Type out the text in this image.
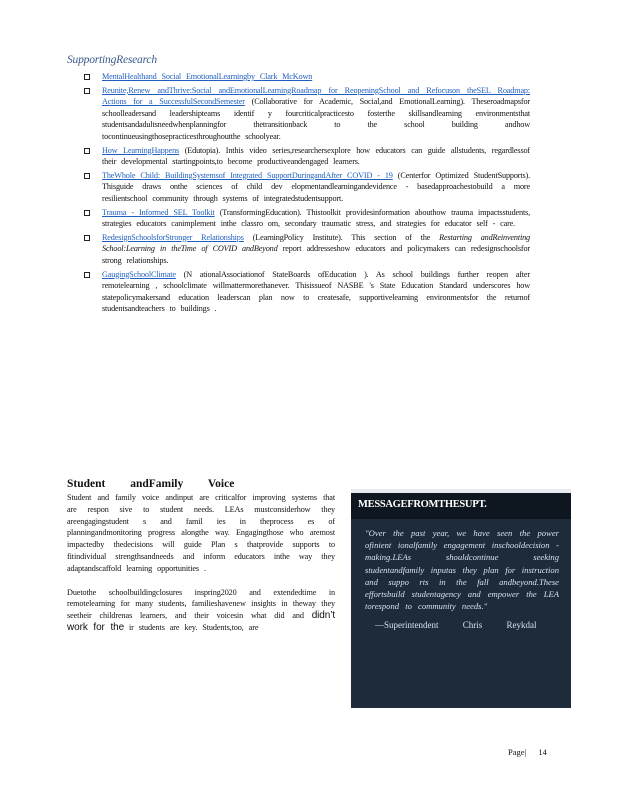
SupportingResearch
MentalHealthand Social EmotionalLearningby Clark McKown
Reunite,Renew andThrive:Social andEmotionalLearningRoadmap for ReopeningSchool and Refocuson theSEL Roadmap: Actions for a SuccessfulSecondSemester (Collaborative for Academic, Social,and EmotionalLearning). Theseroadmapsfor schoolleadersand leadershipteams identif y fourcriticalpracticesto fosterthe skillsandlearning environmentsthat studentsandadultsneedwhenplanningfor thetransitionback to the school building andhow tocontinueusingthosepracticesthroughoutthe schoolyear.
How LearningHappens (Edutopia). Inthis video series,researchersexplore how educators can guide allstudents, regardlessof their developmental startingpoints,to become productiveandengaged learners.
TheWhole Child: BuildingSystemsof Integrated SupportDuringandAfter COVID - 19 (Centerfor Optimized StudentSupports). Thisguide draws onthe sciences of child dev elopmentandlearningandevidence - basedapproachestobuild a more resilientschool community through systems of integratedstudentsupport.
Trauma - Informed SEL Toolkit (TransformingEducation). Thistoolkit providesinformation abouthow trauma impactsstudents, strategies educators canimplement inthe classro om, secondary traumatic stress, and strategies for educator self - care.
RedesignSchoolsforStronger Relationships (LearningPolicy Institute). This section of the Restarting andReinventing School:Learning in theTime of COVID andBeyond report addresseshow educators and policymakers can redesignschoolsfor strong relationships.
GaugingSchoolClimate (N ationalAssociationof StateBoards ofEducation ). As school buildings further reopen after remotelearning , schoolclimate willmattermorethanever. Thisissueof NASBE 's State Education Standard underscores how statepolicymakersand education leaderscan plan now to createsafe, supportivelearning environmentsfor the returnof studentsandteachers to buildings .
Student andFamily Voice

Student and family voice andinput are criticalfor improving systems that are respon sive to student needs. LEAs mustconsiderhow they areengagingstudent s and famil ies in theprocess es of planningandmonitoring progress alongthe way. Engagingthose who aremost impactedby thedecisions will guide Plan s thatprovide supports to fitindividual strengthsandneeds and inform educators inthe way they adaptandscaffold learning opportunities .

Duetothe schoolbuildingclosures inspring2020 and extendedtime in remotelearning for many students, familieshavenew insights in theway they seetheir childrenas learners, and their voicesin what did and didn’t work for the ir students are key. Students,too, are

MESSAGEFROMTHESUPT.
"Over the past year, we have seen the power ofinient ionalfamily engagement inschooldecision - making.LEAs shouldcontinue seeking studentandfamily inputas they plan for instruction and suppo rts in the fall andbeyond.These effortsbuild studentagency and empower the LEA torespond to community needs."
—Superintendent Chris Reykdal
Page| 14
